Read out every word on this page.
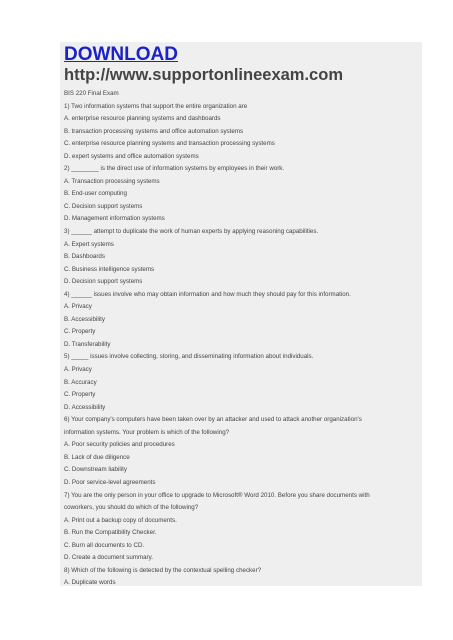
DOWNLOAD
http://www.supportonlineexam.com
BIS 220 Final Exam
1) Two information systems that support the entire organization are
A. enterprise resource planning systems and dashboards
B. transaction processing systems and office automation systems
C. enterprise resource planning systems and transaction processing systems
D. expert systems and office automation systems
2) ________ is the direct use of information systems by employees in their work.
A. Transaction processing systems
B. End-user computing
C. Decision support systems
D. Management information systems
3) ______ attempt to duplicate the work of human experts by applying reasoning capabilities.
A. Expert systems
B. Dashboards
C. Business intelligence systems
D. Decision support systems
4) ______ issues involve who may obtain information and how much they should pay for this information.
A. Privacy
B. Accessibility
C. Property
D. Transferability
5) _____ issues involve collecting, storing, and disseminating information about individuals.
A. Privacy
B. Accuracy
C. Property
D. Accessibility
6) Your company's computers have been taken over by an attacker and used to attack another organization's
information systems. Your problem is which of the following?
A. Poor security policies and procedures
B. Lack of due diligence
C. Downstream liability
D. Poor service-level agreements
7) You are the only person in your office to upgrade to Microsoft® Word 2010. Before you share documents with
coworkers, you should do which of the following?
A. Print out a backup copy of documents.
B. Run the Compatibility Checker.
C. Burn all documents to CD.
D. Create a document summary.
8) Which of the following is detected by the contextual spelling checker?
A. Duplicate words
